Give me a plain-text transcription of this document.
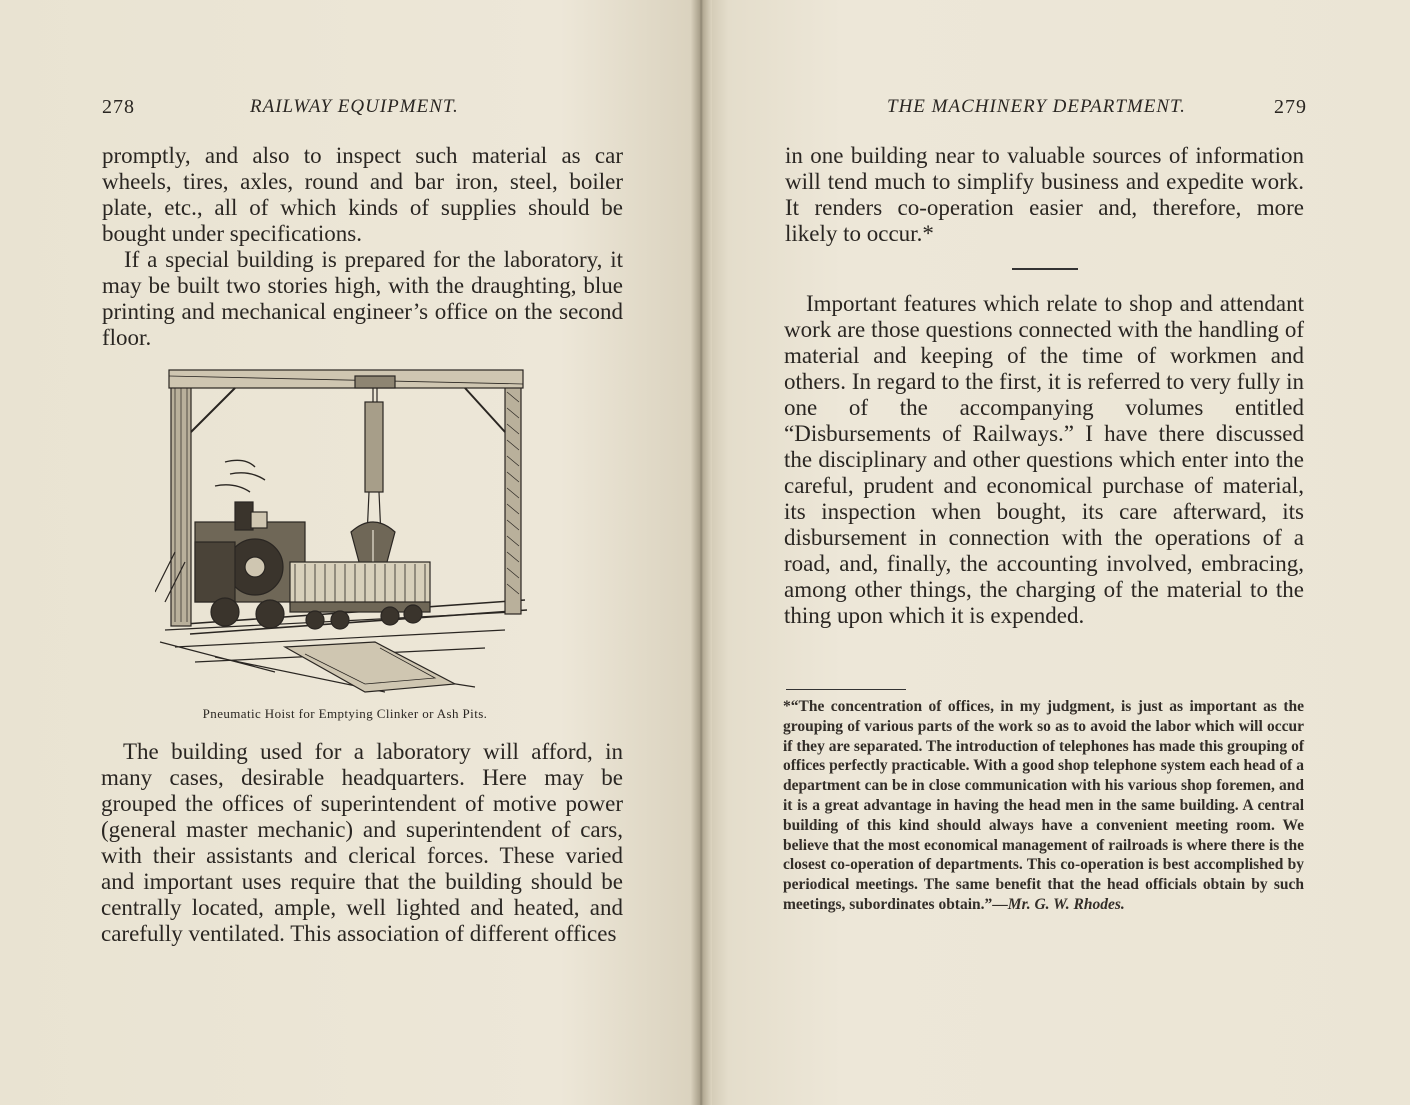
278	RAILWAY EQUIPMENT.

promptly, and also to inspect such material as car wheels, tires, axles, round and bar iron, steel, boiler plate, etc., all of which kinds of supplies should be bought under specifications.

If a special building is prepared for the laboratory, it may be built two stories high, with the draughting, blue printing and mechanical engineer’s office on the second floor.

Pneumatic Hoist for Emptying Clinker or Ash Pits.

The building used for a laboratory will afford, in many cases, desirable headquarters. Here may be grouped the offices of superintendent of motive power (general master mechanic) and superintendent of cars, with their assistants and clerical forces. These varied and important uses require that the building should be centrally located, ample, well lighted and heated, and carefully ventilated. This association of different offices

THE MACHINERY DEPARTMENT.	279

in one building near to valuable sources of information will tend much to simplify business and expedite work. It renders co-operation easier and, therefore, more likely to occur.*

Important features which relate to shop and attendant work are those questions connected with the handling of material and keeping of the time of workmen and others. In regard to the first, it is referred to very fully in one of the accompanying volumes entitled “Disbursements of Railways.” I have there discussed the disciplinary and other questions which enter into the careful, prudent and economical purchase of material, its inspection when bought, its care afterward, its disbursement in connection with the operations of a road, and, finally, the accounting involved, embracing, among other things, the charging of the material to the thing upon which it is expended.

*“The concentration of offices, in my judgment, is just as important as the grouping of various parts of the work so as to avoid the labor which will occur if they are separated. The introduction of telephones has made this grouping of offices perfectly practicable. With a good shop telephone system each head of a department can be in close communication with his various shop foremen, and it is a great advantage in having the head men in the same building. A central building of this kind should always have a convenient meeting room. We believe that the most economical management of railroads is where there is the closest co-operation of departments. This co-operation is best accomplished by periodical meetings. The same benefit that the head officials obtain by such meetings, subordinates obtain.”—Mr. G. W. Rhodes.
